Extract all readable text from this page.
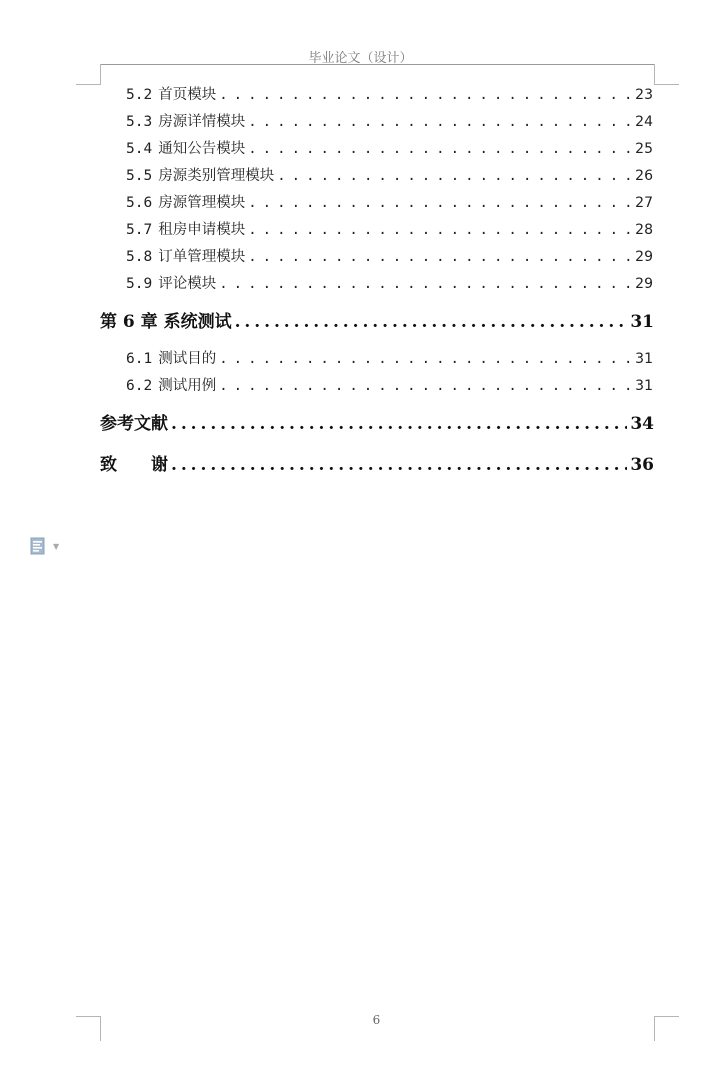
毕业论文（设计）
5.2 首页模块 . . .	23
5.3 房源详情模块 . . .	24
5.4 通知公告模块 . . .	25
5.5 房源类别管理模块 . . .	26
5.6 房源管理模块 . . .	27
5.7 租房申请模块 . . .	28
5.8 订单管理模块 . . .	29
5.9 评论模块 . . .	29
第 6 章 系统测试 . . .	31
6.1 测试目的 . . .	31
6.2 测试用例 . . .	31
参考文献 . . .	34
致　　谢 . . .	36
▼
6
